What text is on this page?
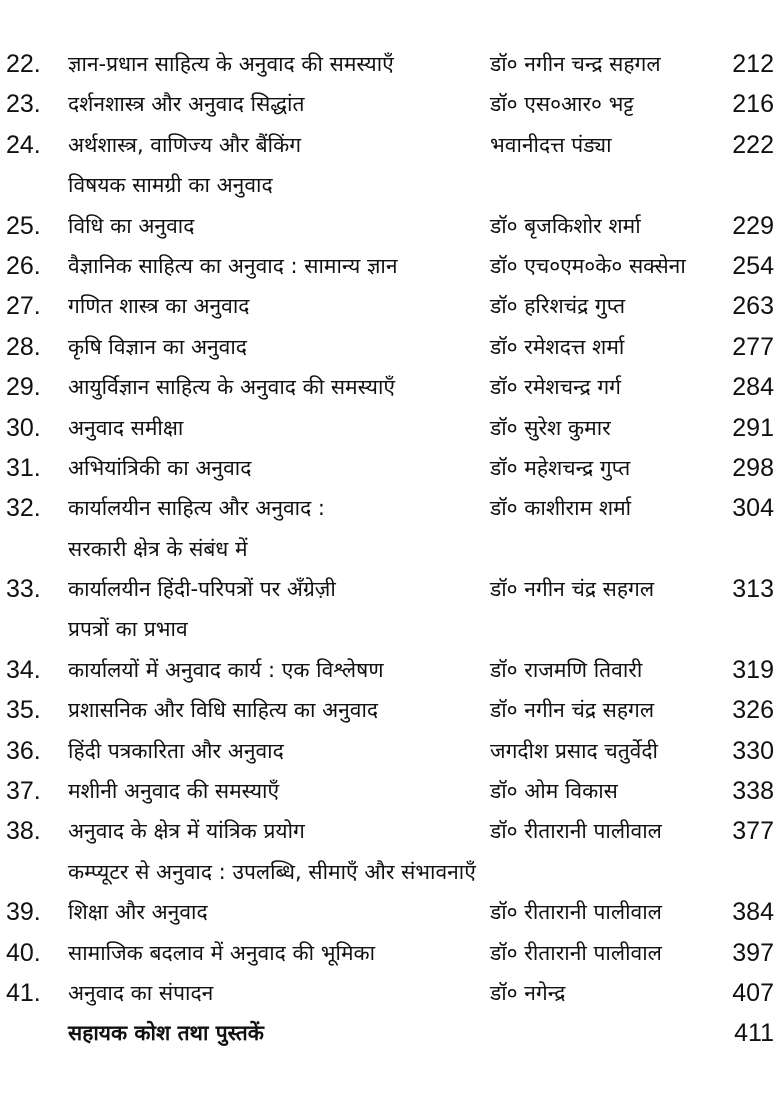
22. ज्ञान-प्रधान साहित्य के अनुवाद की समस्याएँ	डॉ० नगीन चन्द्र सहगल	212
23. दर्शनशास्त्र और अनुवाद सिद्धांत	डॉ० एस०आर० भट्ट	216
24. अर्थशास्त्र, वाणिज्य और बैंकिंग	भवानीदत्त पंड्या	222
विषयक सामग्री का अनुवाद
25. विधि का अनुवाद	डॉ० बृजकिशोर शर्मा	229
26. वैज्ञानिक साहित्य का अनुवाद : सामान्य ज्ञान	डॉ० एच०एम०के० सक्सेना 254
27. गणित शास्त्र का अनुवाद	डॉ० हरिशचंद्र गुप्त	263
28. कृषि विज्ञान का अनुवाद	डॉ० रमेशदत्त शर्मा	277
29. आयुर्विज्ञान साहित्य के अनुवाद की समस्याएँ	डॉ० रमेशचन्द्र गर्ग	284
30. अनुवाद समीक्षा	डॉ० सुरेश कुमार	291
31. अभियांत्रिकी का अनुवाद	डॉ० महेशचन्द्र गुप्त	298
32. कार्यालयीन साहित्य और अनुवाद :	डॉ० काशीराम शर्मा	304
सरकारी क्षेत्र के संबंध में
33. कार्यालयीन हिंदी-परिपत्रों पर अँग्रेज़ी	डॉ० नगीन चंद्र सहगल	313
प्रपत्रों का प्रभाव
34. कार्यालयों में अनुवाद कार्य : एक विश्लेषण	डॉ० राजमणि तिवारी	319
35. प्रशासनिक और विधि साहित्य का अनुवाद	डॉ० नगीन चंद्र सहगल	326
36. हिंदी पत्रकारिता और अनुवाद	जगदीश प्रसाद चतुर्वेदी	330
37. मशीनी अनुवाद की समस्याएँ	डॉ० ओम विकास	338
38. अनुवाद के क्षेत्र में यांत्रिक प्रयोग	डॉ० रीतारानी पालीवाल	377
कम्प्यूटर से अनुवाद : उपलब्धि, सीमाएँ और संभावनाएँ
39. शिक्षा और अनुवाद	डॉ० रीतारानी पालीवाल	384
40. सामाजिक बदलाव में अनुवाद की भूमिका	डॉ० रीतारानी पालीवाल	397
41. अनुवाद का संपादन	डॉ० नगेन्द्र	407
सहायक कोश तथा पुस्तकें	411
